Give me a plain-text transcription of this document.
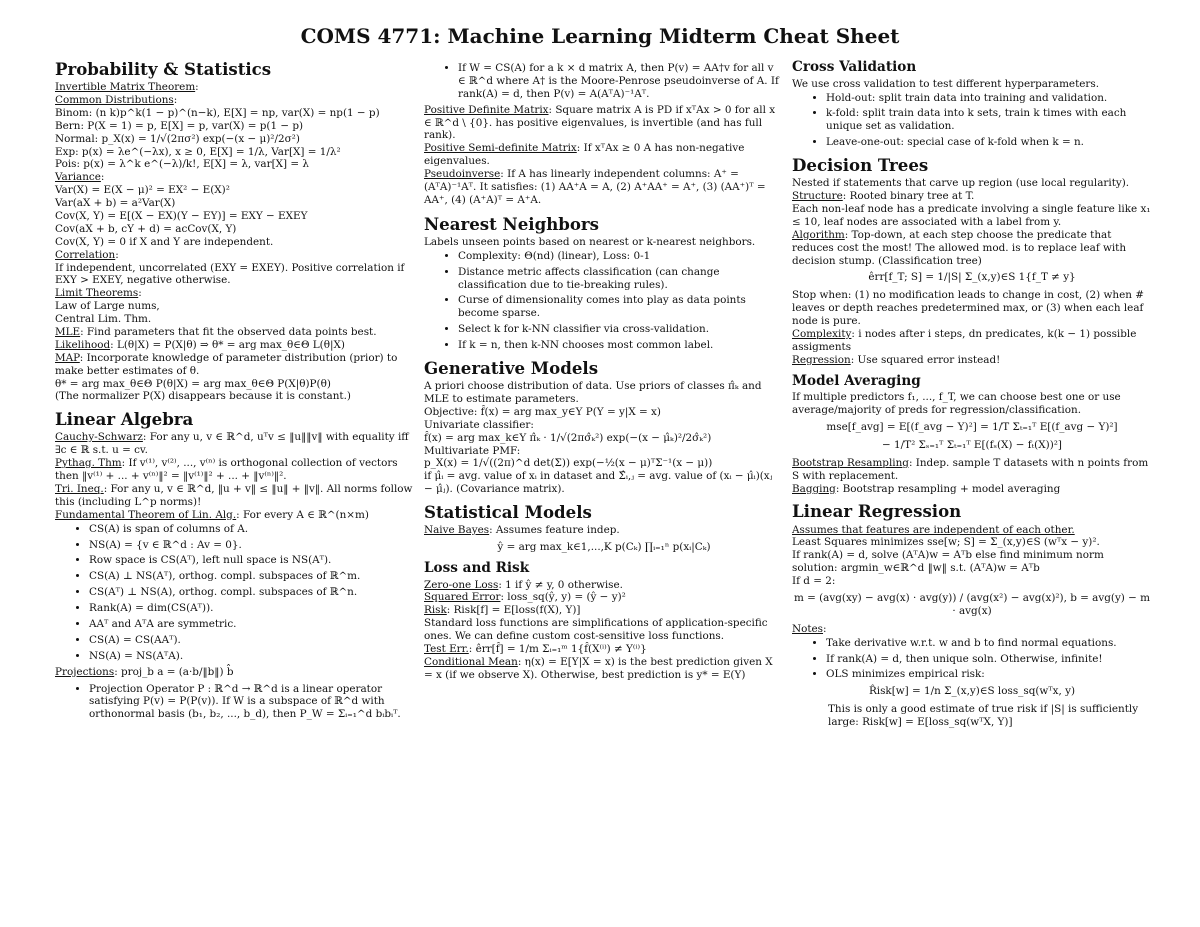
COMS 4771: Machine Learning Midterm Cheat Sheet
Probability & Statistics

Invertible Matrix Theorem:

Common Distributions:

Binom: (n k)p^k(1 − p)^(n−k), E[X] = np, var(X) = np(1 − p)

Bern: P(X = 1) = p, E[X] = p, var(X) = p(1 − p)

Normal: p_X(x) = 1/√(2πσ²) exp(−(x − μ)²/2σ²)

Exp: p(x) = λe^(−λx), x ≥ 0, E[X] = 1/λ, Var[X] = 1/λ²

Pois: p(x) = λ^k e^(−λ)/k!, E[X] = λ, var[X] = λ

Variance:

Var(X) = E(X − μ)² = EX² − E(X)²

Var(aX + b) = a²Var(X)

Cov(X, Y) = E[(X − EX)(Y − EY)] = EXY − EXEY

Cov(aX + b, cY + d) = acCov(X, Y)

Cov(X, Y) = 0 if X and Y are independent.

Correlation:

If independent, uncorrelated (EXY = EXEY). Positive correlation if EXY > EXEY, negative otherwise.

Limit Theorems:

Law of Large nums,

Central Lim. Thm.

MLE: Find parameters that fit the observed data points best.

Likelihood: L(θ|X) = P(X|θ) ⇒ θ* = arg max_θ∈Θ L(θ|X)

MAP: Incorporate knowledge of parameter distribution (prior) to make better estimates of θ.

θ* = arg max_θ∈Θ P(θ|X) = arg max_θ∈Θ P(X|θ)P(θ)

(The normalizer P(X) disappears because it is constant.)

Linear Algebra

Cauchy-Schwarz: For any u, v ∈ ℝ^d, uᵀv ≤ ‖u‖‖v‖ with equality iff ∃c ∈ ℝ s.t. u = cv.

Pythag. Thm: If v⁽¹⁾, v⁽²⁾, ..., v⁽ⁿ⁾ is orthogonal collection of vectors then ‖v⁽¹⁾ + ... + v⁽ⁿ⁾‖² = ‖v⁽¹⁾‖² + ... + ‖v⁽ⁿ⁾‖².

Tri. Ineq.: For any u, v ∈ ℝ^d, ‖u + v‖ ≤ ‖u‖ + ‖v‖. All norms follow this (including L^p norms)!

Fundamental Theorem of Lin. Alg.: For every A ∈ ℝ^(n×m)

• CS(A) is span of columns of A.
• NS(A) = {v ∈ ℝ^d : Av = 0}.
• Row space is CS(Aᵀ), left null space is NS(Aᵀ).
• CS(A) ⊥ NS(Aᵀ), orthog. compl. subspaces of ℝ^m.
• CS(Aᵀ) ⊥ NS(A), orthog. compl. subspaces of ℝ^n.
• Rank(A) = dim(CS(Aᵀ)).
• AAᵀ and AᵀA are symmetric.
• CS(A) = CS(AAᵀ).
• NS(A) = NS(AᵀA).

Projections: proj_b a = (a·b/‖b‖) b̂

• Projection Operator P : ℝ^d → ℝ^d is a linear operator satisfying P(v) = P(P(v)). If W is a subspace of ℝ^d with orthonormal basis (b₁, b₂, ..., b_d), then P_W = Σᵢ₌₁^d bᵢbᵢᵀ.
• If W = CS(A) for a k × d matrix A, then P(v) = AA†v for all v ∈ ℝ^d where A† is the Moore-Penrose pseudoinverse of A. If rank(A) = d, then P(v) = A(AᵀA)⁻¹Aᵀ.

Positive Definite Matrix: Square matrix A is PD if xᵀAx > 0 for all x ∈ ℝ^d \ {0}. has positive eigenvalues, is invertible (and has full rank).

Positive Semi-definite Matrix: If xᵀAx ≥ 0 A has non-negative eigenvalues.

Pseudoinverse: If A has linearly independent columns: A⁺ = (AᵀA)⁻¹Aᵀ. It satisfies: (1) AA⁺A = A, (2) A⁺AA⁺ = A⁺, (3) (AA⁺)ᵀ = AA⁺, (4) (A⁺A)ᵀ = A⁺A.

Nearest Neighbors

Labels unseen points based on nearest or k-nearest neighbors.

• Complexity: Θ(nd) (linear), Loss: 0-1
• Distance metric affects classification (can change classification due to tie-breaking rules).
• Curse of dimensionality comes into play as data points become sparse.
• Select k for k-NN classifier via cross-validation.
• If k = n, then k-NN chooses most common label.
Generative Models

A priori choose distribution of data. Use priors of classes π̂ₖ and MLE to estimate parameters.

Objective: f̂(x) = arg max_y∈Y P(Y = y|X = x)

Univariate classifier:

f̂(x) = arg max_k∈Y π̂ₖ · 1/√(2πσ̂ₖ²) exp(−(x − μ̂ₖ)²/2σ̂ₖ²)

Multivariate PMF:

p_X(x) = 1/√((2π)^d det(Σ)) exp(−½(x − μ)ᵀΣ⁻¹(x − μ))

if μ̂ᵢ = avg. value of xᵢ in dataset and Σ̂ᵢ,ⱼ = avg. value of (xᵢ − μ̂ᵢ)(xⱼ − μ̂ⱼ). (Covariance matrix).

Statistical Models

Naive Bayes: Assumes feature indep.

ŷ = arg max_k∈1,...,K p(Cₖ) ∏ᵢ₌₁ⁿ p(xᵢ|Cₖ)
Loss and Risk

Zero-one Loss: 1 if ŷ ≠ y, 0 otherwise.

Squared Error: loss_sq(ŷ, y) = (ŷ − y)²

Risk: Risk[f] = E[loss(f(X), Y)]

Standard loss functions are simplifications of application-specific ones. We can define custom cost-sensitive loss functions.

Test Err.: êrr[f̂] = 1/m Σᵢ₌₁ᵐ 1{f̂(X⁽ⁱ⁾) ≠ Y⁽ⁱ⁾}

Conditional Mean: η(x) = E[Y|X = x) is the best prediction given X = x (if we observe X). Otherwise, best prediction is y* = E(Y)

Cross Validation

We use cross validation to test different hyperparameters.

• Hold-out: split train data into training and validation.
• k-fold: split train data into k sets, train k times with each unique set as validation.
• Leave-one-out: special case of k-fold when k = n.
Decision Trees

Nested if statements that carve up region (use local regularity).

Structure: Rooted binary tree at T.

Each non-leaf node has a predicate involving a single feature like x₁ ≤ 10, leaf nodes are associated with a label from y.

Algorithm: Top-down, at each step choose the predicate that reduces cost the most! The allowed mod. is to replace leaf with decision stump. (Classification tree)

êrr[f_T; S] = 1/|S| Σ_(x,y)∈S 1{f_T ≠ y}

Stop when: (1) no modification leads to change in cost, (2) when # leaves or depth reaches predetermined max, or (3) when each leaf node is pure.

Complexity: i nodes after i steps, dn predicates, k(k − 1) possible assigments

Regression: Use squared error instead!

Model Averaging

If multiple predictors f₁, ..., f_T, we can choose best one or use average/majority of preds for regression/classification.

mse[f_avg] = E[(f_avg − Y)²] = 1/T Σₜ₌₁ᵀ E[(f_avg − Y)²]
− 1/T² Σₛ₌₁ᵀ Σₜ₌₁ᵀ E[(fₛ(X) − fₜ(X))²]

Bootstrap Resampling: Indep. sample T datasets with n points from S with replacement.

Bagging: Bootstrap resampling + model averaging

Linear Regression

Assumes that features are independent of each other.

Least Squares minimizes sse[w; S] = Σ_(x,y)∈S (wᵀx − y)².

If rank(A) = d, solve (AᵀA)w = Aᵀb else find minimum norm solution: argmin_w∈ℝ^d ‖w‖ s.t. (AᵀA)w = Aᵀb

If d = 2:

m = (avg(xy) − avg(x) · avg(y)) / (avg(x²) − avg(x)²), b = avg(y) − m · avg(x)

Notes:

• Take derivative w.r.t. w and b to find normal equations.
• If rank(A) = d, then unique soln. Otherwise, infinite!
• OLS minimizes empirical risk:
R̂isk[w] = 1/n Σ_(x,y)∈S loss_sq(wᵀx, y)

This is only a good estimate of true risk if |S| is sufficiently large: Risk[w] = E[loss_sq(wᵀX, Y)]
